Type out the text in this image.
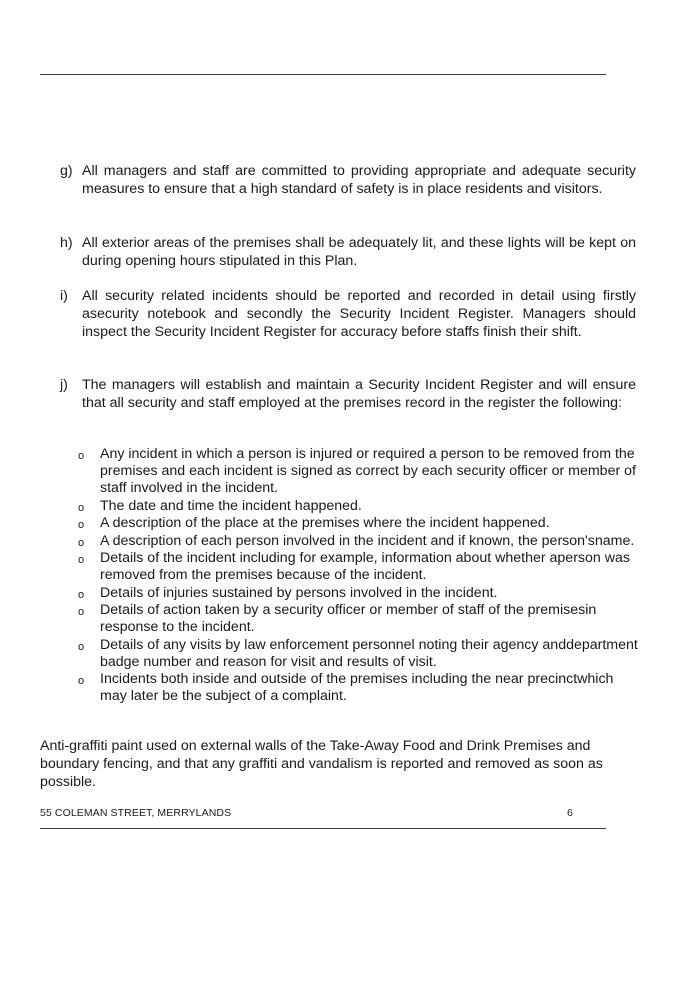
g) All managers and staff are committed to providing appropriate and adequate security measures to ensure that a high standard of safety is in place residents and visitors.
h) All exterior areas of the premises shall be adequately lit, and these lights will be kept on during opening hours stipulated in this Plan.
i) All security related incidents should be reported and recorded in detail using firstly asecurity notebook and secondly the Security Incident Register. Managers should inspect the Security Incident Register for accuracy before staffs finish their shift.
j) The managers will establish and maintain a Security Incident Register and will ensure that all security and staff employed at the premises record in the register the following:
o Any incident in which a person is injured or required a person to be removed from the premises and each incident is signed as correct by each security officer or member of staff involved in the incident.
o The date and time the incident happened.
o A description of the place at the premises where the incident happened.
o A description of each person involved in the incident and if known, the person'sname.
o Details of the incident including for example, information about whether aperson was removed from the premises because of the incident.
o Details of injuries sustained by persons involved in the incident.
o Details of action taken by a security officer or member of staff of the premisesin response to the incident.
o Details of any visits by law enforcement personnel noting their agency anddepartment badge number and reason for visit and results of visit.
o Incidents both inside and outside of the premises including the near precinctwhich may later be the subject of a complaint.
Anti-graffiti paint used on external walls of the Take-Away Food and Drink Premises and boundary fencing, and that any graffiti and vandalism is reported and removed as soon as possible.
55 COLEMAN STREET, MERRYLANDS	6
